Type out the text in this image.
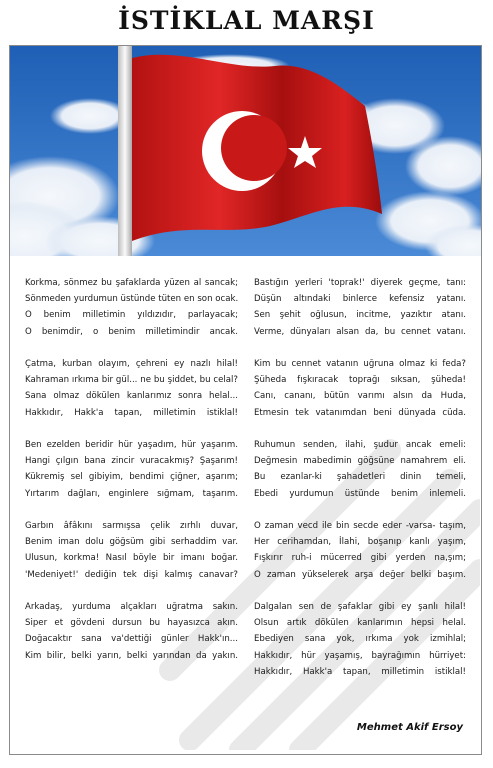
İSTİKLAL MARŞI
Korkma, sönmez bu şafaklarda yüzen al sancak;
Sönmeden yurdumun üstünde tüten en son ocak.
O benim milletimin yıldızıdır, parlayacak;
O benimdir, o benim milletimindir ancak.
Çatma, kurban olayım, çehreni ey nazlı hilal!
Kahraman ırkıma bir gül... ne bu şiddet, bu celal?
Sana olmaz dökülen kanlarımız sonra helal...
Hakkıdır, Hakk'a tapan, milletimin istiklal!
Ben ezelden beridir hür yaşadım, hür yaşarım.
Hangi çılgın bana zincir vuracakmış? Şaşarım!
Kükremiş sel gibiyim, bendimi çiğner, aşarım;
Yırtarım dağları, enginlere sığmam, taşarım.
Garbın âfâkını sarmışsa çelik zırhlı duvar,
Benim iman dolu göğsüm gibi serhaddim var.
Ulusun, korkma! Nasıl böyle bir imanı boğar.
'Medeniyet!' dediğin tek dişi kalmış canavar?
Arkadaş, yurduma alçakları uğratma sakın.
Siper et gövdeni dursun bu hayasızca akın.
Doğacaktır sana va'dettiği günler Hakk'ın...
Kim bilir, belki yarın, belki yarından da yakın.
Bastığın yerleri 'toprak!' diyerek geçme, tanı:
Düşün altındaki binlerce kefensiz yatanı.
Sen şehit oğlusun, incitme, yazıktır atanı.
Verme, dünyaları alsan da, bu cennet vatanı.
Kim bu cennet vatanın uğruna olmaz ki feda?
Şüheda fışkıracak toprağı sıksan, şüheda!
Canı, cananı, bütün varımı alsın da Huda,
Etmesin tek vatanımdan beni dünyada cüda.
Ruhumun senden, ilahi, şudur ancak emeli:
Değmesin mabedimin göğsüne namahrem eli.
Bu ezanlar-ki şahadetleri dinin temeli,
Ebedi yurdumun üstünde benim inlemeli.
O zaman vecd ile bin secde eder -varsa- taşım,
Her cerihamdan, İlahi, boşanıp kanlı yaşım,
Fışkırır ruh-i mücerred gibi yerden na,şım;
O zaman yükselerek arşa değer belki başım.
Dalgalan sen de şafaklar gibi ey şanlı hilal!
Olsun artık dökülen kanlarımın hepsi helal.
Ebediyen sana yok, ırkıma yok izmihlal;
Hakkıdır, hür yaşamış, bayrağımın hürriyet:
Hakkıdır, Hakk'a tapan, milletimin istiklal!
Mehmet Akif Ersoy
